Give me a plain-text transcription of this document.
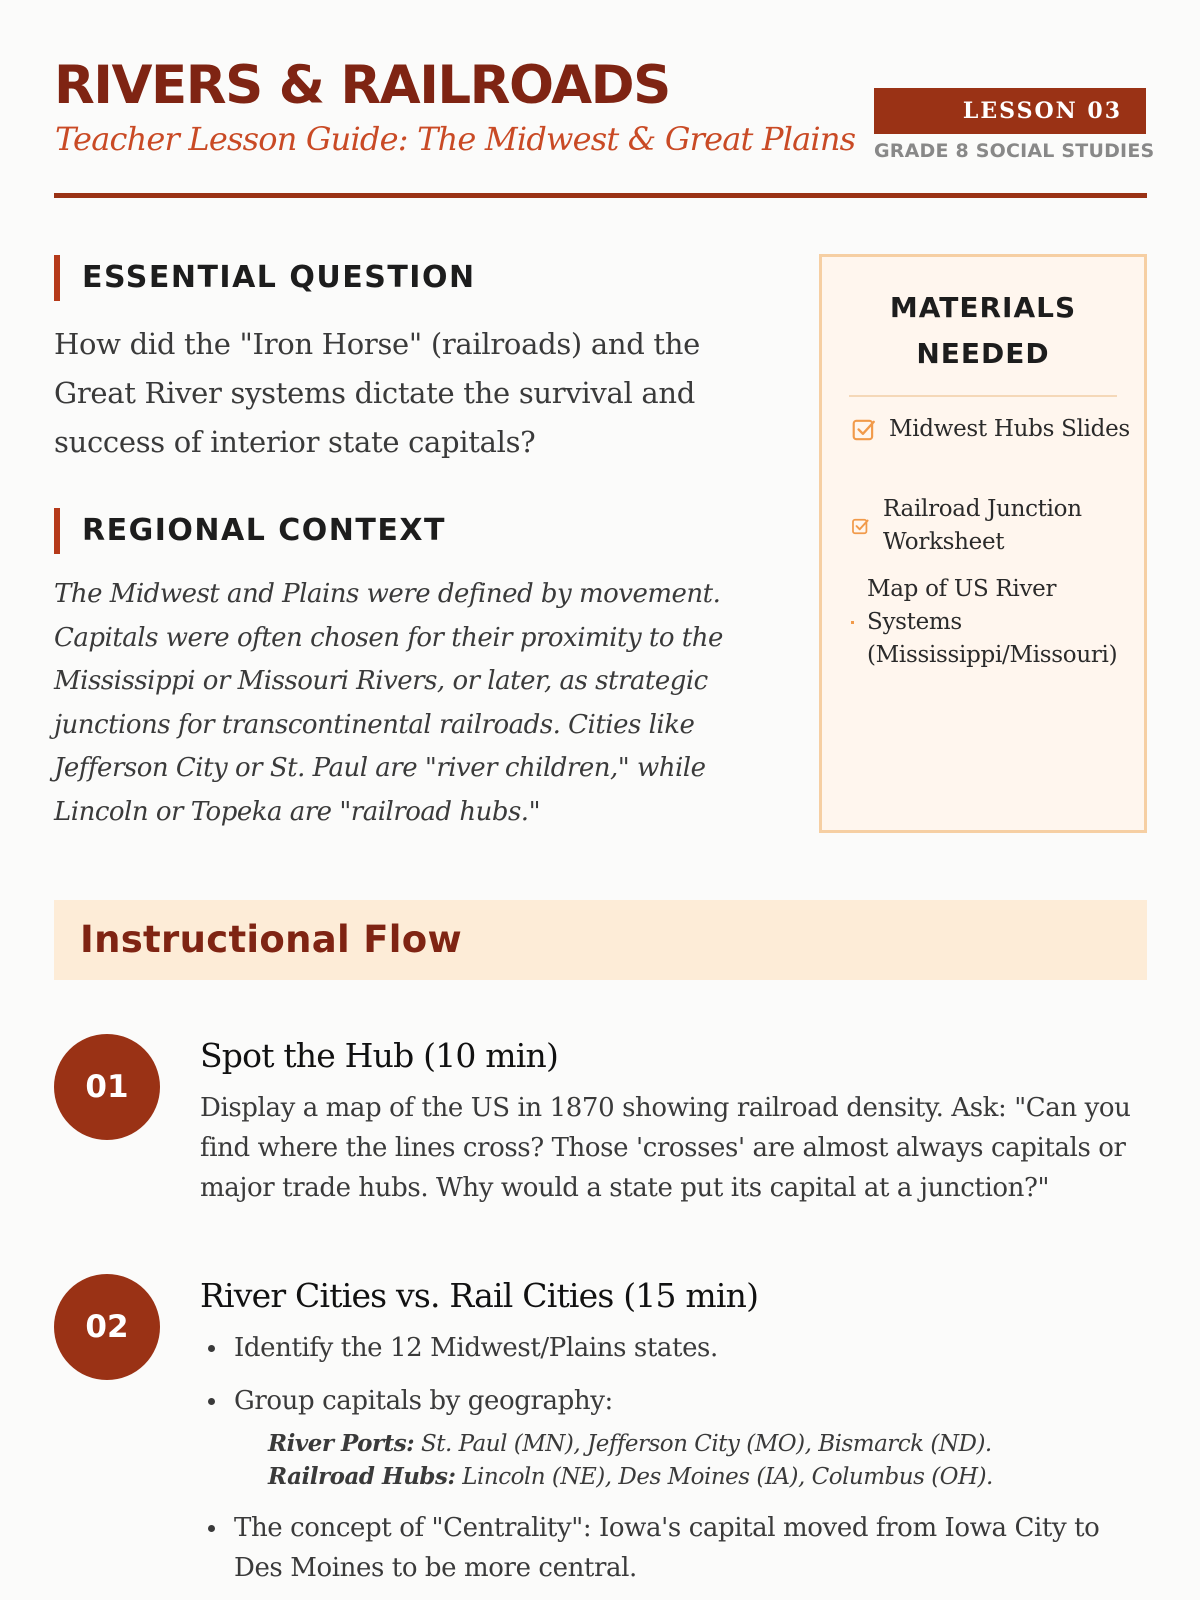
RIVERS & RAILROADS
Teacher Lesson Guide: The Midwest & Great Plains
LESSON 03
GRADE 8 SOCIAL STUDIES
ESSENTIAL QUESTION

How did the "Iron Horse" (railroads) and the Great River systems dictate the survival and success of interior state capitals?

REGIONAL CONTEXT

The Midwest and Plains were defined by movement. Capitals were often chosen for their proximity to the Mississippi or Missouri Rivers, or later, as strategic junctions for transcontinental railroads. Cities like Jefferson City or St. Paul are "river children," while Lincoln or Topeka are "railroad hubs."

MATERIALS NEEDED
Midwest Hubs Slides
Railroad Junction Worksheet
Map of US River Systems (Mississippi/Missouri)
Instructional Flow
01
Spot the Hub (10 min)

Display a map of the US in 1870 showing railroad density. Ask: "Can you find where the lines cross? Those 'crosses' are almost always capitals or major trade hubs. Why would a state put its capital at a junction?"

02
River Cities vs. Rail Cities (15 min)
Identify the 12 Midwest/Plains states.
Group capitals by geography:
The concept of "Centrality": Iowa's capital moved from Iowa City to Des Moines to be more central.
River Ports: St. Paul (MN), Jefferson City (MO), Bismarck (ND).
Railroad Hubs: Lincoln (NE), Des Moines (IA), Columbus (OH).
